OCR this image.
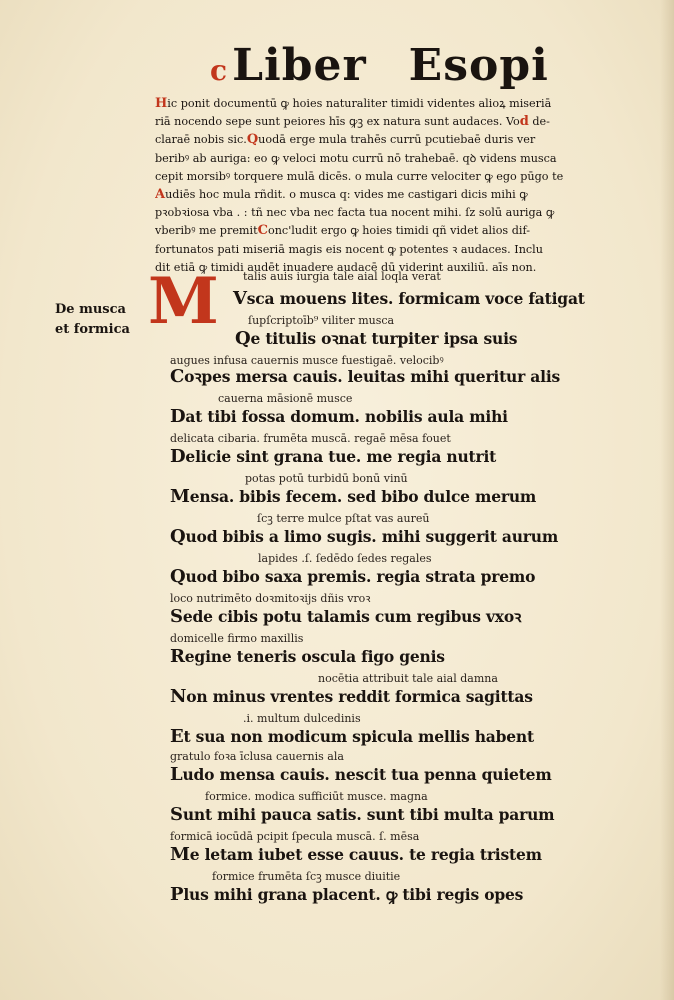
cLiber Esopi
Hic ponit documentū ꝙ hoies naturaliter timidi videntes alioꝝ miseriā
riā nocendo sepe sunt peiores hīs ꝙꝫ ex natura sunt audaces. Vod de-
claraē nobis sic.Quodā erge mula trahēs currū pcutiebaē duris ver
beribꝰ ab auriga: eo ꝙ veloci motu currū nō trahebaē. qꝺ videns musca
cepit morsibꝰ torquere mulā dicēs. o mula curre velociter ꝙ ego pūgo te
Audiēs hoc mula rñdit. o musca q: vides me castigari dicis mihi ꝙ
pꝛobꝛiosa vba . : tñ nec vba nec facta tua nocent mihi. ſz solū auriga ꝙ
vberibꝰ me premitConc'ludit ergo ꝙ hoies timidi qñ videt alios dif-
fortunatos pati miseriā magis eis nocent ꝙ potentes ꝛ audaces. Inclu
dit etiā ꝙ timidi audēt inuadere audacē dū viderint auxiliū. aīs non.
De musca
et formica M	talis auis iurgia tale aial loqla verat
Vsca mouens lites. formicam voce fatigat
ſupſcriptoīb⁹ viliter musca
Qe titulis oꝛnat turpiter ipsa suis
augues infusa cauernis musce fuestigaē. velocibꝰ
Coꝛpes mersa cauis. leuitas mihi queritur alis
cauerna māsionē musce
Dat tibi fossa domum. nobilis aula mihi
delicata cibaria. frumēta muscā. regaē mēsa fouet
Delicie sint grana tue. me regia nutrit
potas potū turbidū bonū vinū
Mensa. bibis fecem. sed bibo dulce merum
ſcꝫ terre mulce pſtat vas aureū
Quod bibis a limo sugis. mihi suggerit aurum
lapides .ſ. ſedēdo ſedes regales
Quod bibo saxa premis. regia strata premo
loco nutrimēto doꝛmitoꝛijs dñis vroꝛ
Sede cibis potu talamis cum regibus vxoꝛ
domicelle firmo maxillis
Regine teneris oscula figo genis
nocētia attribuit tale aial damna
Non minus vrentes reddit formica sagittas
.i. multum dulcedinis
Et sua non modicum spicula mellis habent
gratulo foꝛa īclusa cauernis ala
Ludo mensa cauis. nescit tua penna quietem
formice. modica sufficiūt musce. magna
Sunt mihi pauca satis. sunt tibi multa parum
formicā iocūdā pcipit ſpecula muscā. ſ. mēsa
Me letam iubet esse cauus. te regia tristem
formice frumēta ſcꝫ musce diuitie
Plus mihi grana placent. ꝙ tibi regis opes
